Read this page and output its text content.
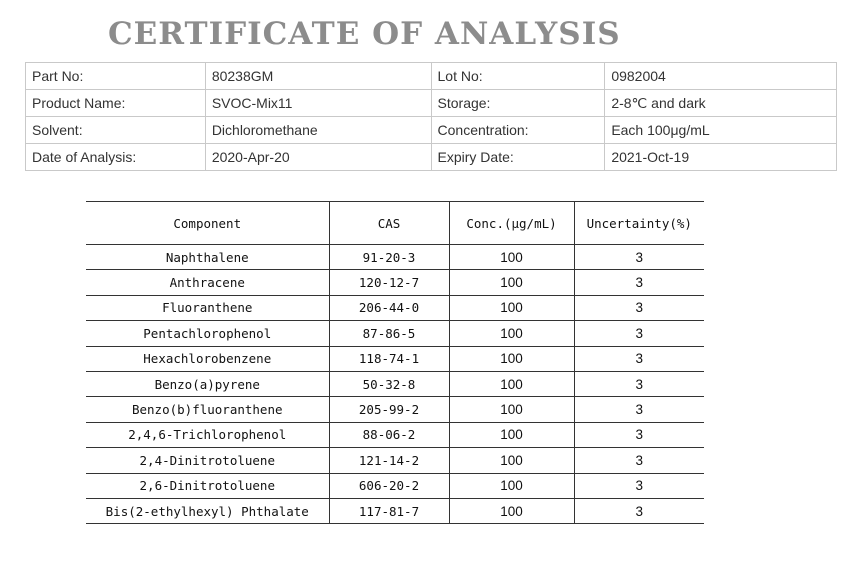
CERTIFICATE OF ANALYSIS
Part No:	80238GM	Lot No:	0982004
Product Name:	SVOC-Mix11	Storage:	2-8℃ and dark
Solvent:	Dichloromethane	Concentration:	Each 100μg/mL
Date of Analysis:	2020-Apr-20	Expiry Date:	2021-Oct-19
Component	CAS	Conc.(μg/mL)	Uncertainty(%)
Naphthalene	91-20-3	100	3
Anthracene	120-12-7	100	3
Fluoranthene	206-44-0	100	3
Pentachlorophenol	87-86-5	100	3
Hexachlorobenzene	118-74-1	100	3
Benzo(a)pyrene	50-32-8	100	3
Benzo(b)fluoranthene	205-99-2	100	3
2,4,6-Trichlorophenol	88-06-2	100	3
2,4-Dinitrotoluene	121-14-2	100	3
2,6-Dinitrotoluene	606-20-2	100	3
Bis(2-ethylhexyl) Phthalate	117-81-7	100	3
